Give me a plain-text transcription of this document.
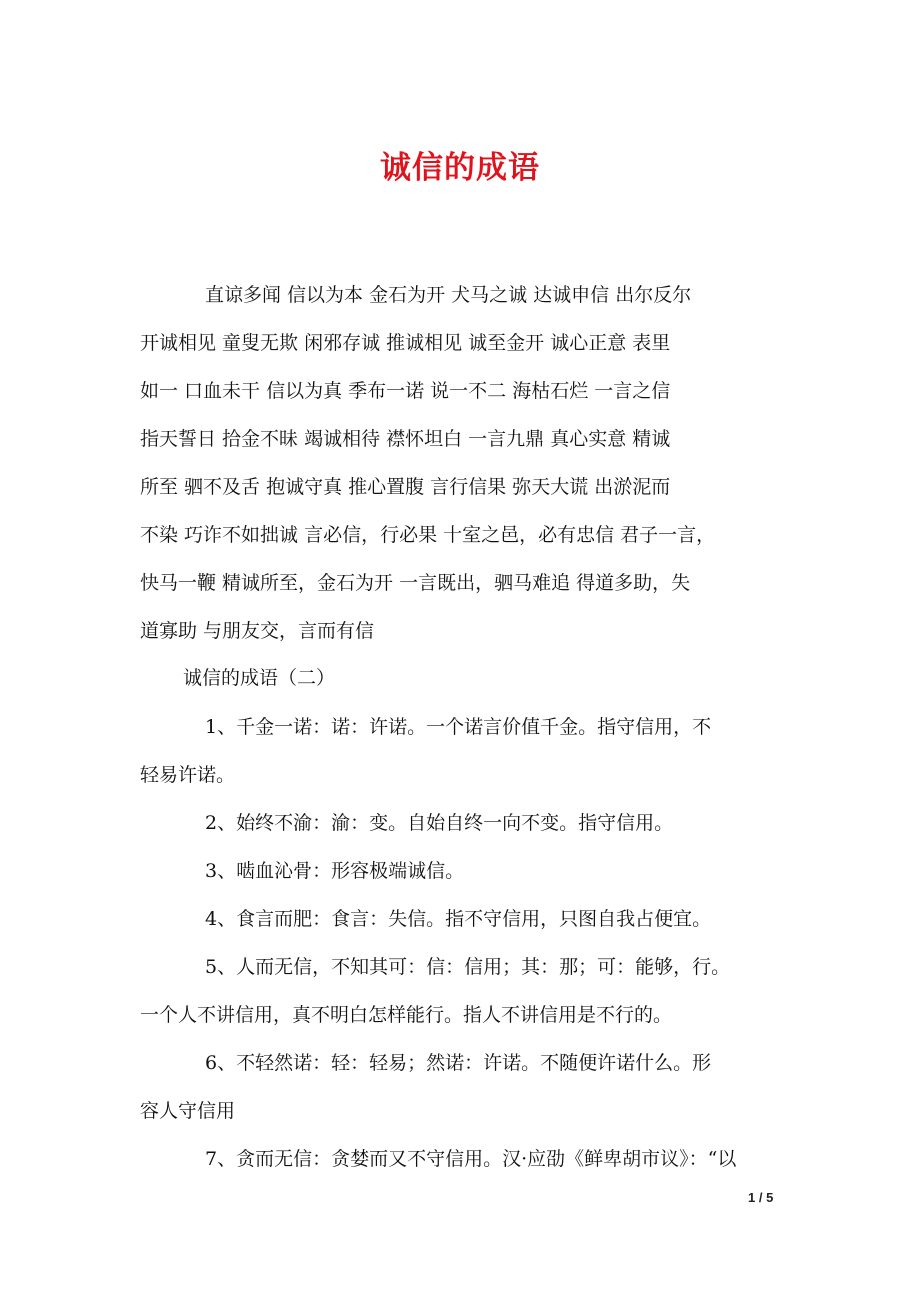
诚信的成语
直谅多闻 信以为本 金石为开 犬马之诚 达诚申信 出尔反尔
开诚相见 童叟无欺 闲邪存诚 推诚相见 诚至金开 诚心正意 表里
如一 口血未干 信以为真 季布一诺 说一不二 海枯石烂 一言之信
指天誓日 拾金不昧 竭诚相待 襟怀坦白 一言九鼎 真心实意 精诚
所至 驷不及舌 抱诚守真 推心置腹 言行信果 弥天大谎 出淤泥而
不染 巧诈不如拙诚 言必信，行必果 十室之邑，必有忠信 君子一言，
快马一鞭 精诚所至，金石为开 一言既出，驷马难追 得道多助，失
道寡助 与朋友交，言而有信
诚信的成语（二）
1、千金一诺：诺：许诺。一个诺言价值千金。指守信用，不
轻易许诺。
2、始终不渝：渝：变。自始自终一向不变。指守信用。
3、啮血沁骨：形容极端诚信。
4、食言而肥：食言：失信。指不守信用，只图自我占便宜。
5、人而无信，不知其可：信：信用；其：那；可：能够，行。
一个人不讲信用，真不明白怎样能行。指人不讲信用是不行的。
6、不轻然诺：轻：轻易；然诺：许诺。不随便许诺什么。形
容人守信用
7、贪而无信：贪婪而又不守信用。汉·应劭《鲜卑胡市议》：“以
1 / 5
